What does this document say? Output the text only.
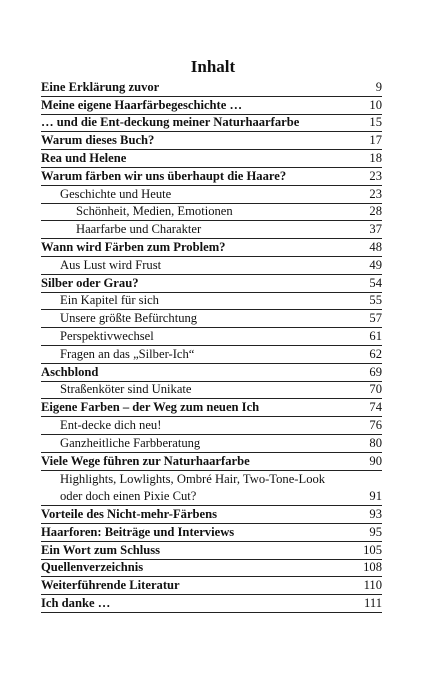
Inhalt
Eine Erklärung zuvor	9
Meine eigene Haarfärbegeschichte …	10
… und die Ent-deckung meiner Naturhaarfarbe	15
Warum dieses Buch?	17
Rea und Helene	18
Warum färben wir uns überhaupt die Haare?	23
Geschichte und Heute	23
Schönheit, Medien, Emotionen	28
Haarfarbe und Charakter	37
Wann wird Färben zum Problem?	48
Aus Lust wird Frust	49
Silber oder Grau?	54
Ein Kapitel für sich	55
Unsere größte Befürchtung	57
Perspektivwechsel	61
Fragen an das „Silber-Ich“	62
Aschblond	69
Straßenköter sind Unikate	70
Eigene Farben – der Weg zum neuen Ich	74
Ent-decke dich neu!	76
Ganzheitliche Farbberatung	80
Viele Wege führen zur Naturhaarfarbe	90
Highlights, Lowlights, Ombré Hair, Two-Tone-Look
oder doch einen Pixie Cut?	91
Vorteile des Nicht-mehr-Färbens	93
Haarforen: Beiträge und Interviews	95
Ein Wort zum Schluss	105
Quellenverzeichnis	108
Weiterführende Literatur	110
Ich danke …	111
